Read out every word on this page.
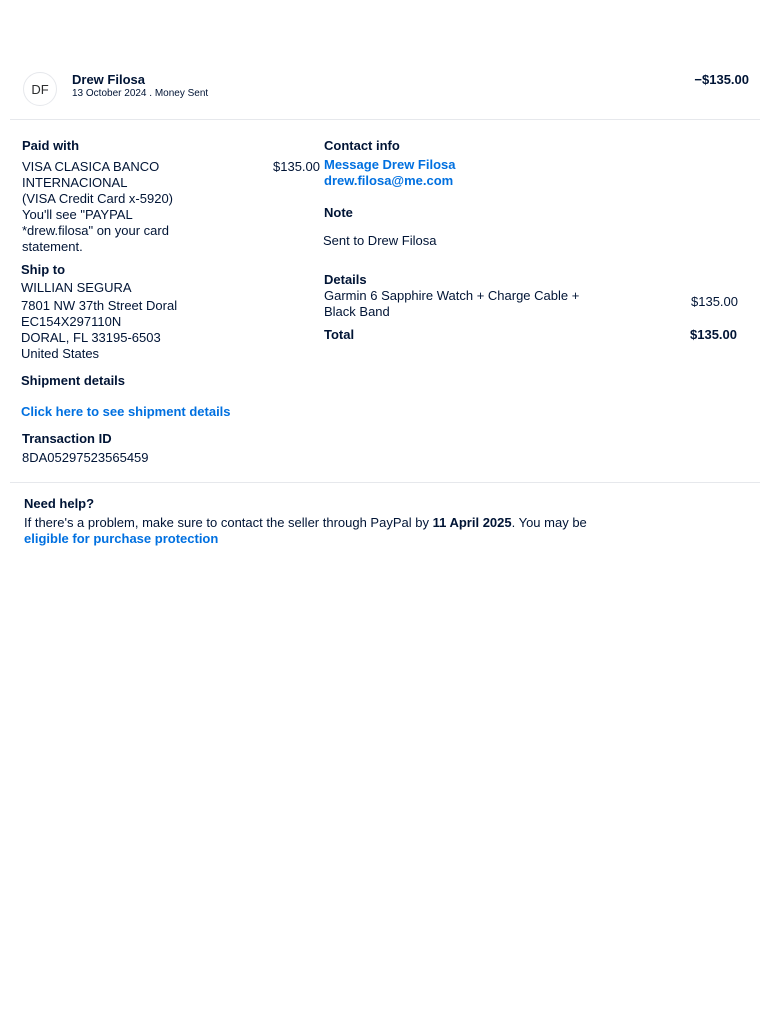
DF
Drew Filosa
13 October 2024 . Money Sent
−$135.00
Paid with
VISA CLASICA BANCO
INTERNACIONAL
(VISA Credit Card x-5920)
You'll see "PAYPAL
*drew.filosa" on your card
statement.
$135.00
Ship to
WILLIAN SEGURA
7801 NW 37th Street Doral
EC154X297110N
DORAL, FL 33195-6503
United States
Shipment details
Click here to see shipment details
Transaction ID
8DA05297523565459
Contact info
Message Drew Filosa
drew.filosa@me.com
Note
Sent to Drew Filosa
Details
Garmin 6 Sapphire Watch + Charge Cable +
Black Band
$135.00
Total	$135.00
Need help?
If there's a problem, make sure to contact the seller through PayPal by 11 April 2025. You may be
eligible for purchase protection
